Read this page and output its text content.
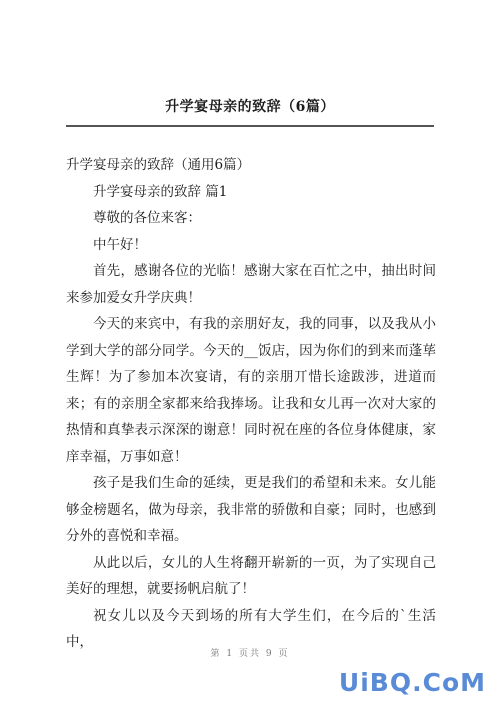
升学宴母亲的致辞（6篇）

升学宴母亲的致辞（通用6篇）

升学宴母亲的致辞 篇1

尊敬的各位来客：

中午好！

首先，感谢各位的光临！感谢大家在百忙之中，抽出时间来参加爱女升学庆典！

今天的来宾中，有我的亲朋好友，我的同事，以及我从小学到大学的部分同学。今天的__饭店，因为你们的到来而蓬荜生辉！为了参加本次宴请，有的亲朋丌惜长途跋涉，进道而来；有的亲朋全家都来给我捧场。让我和女儿再一次对大家的热情和真挚表示深深的谢意！同时祝在座的各位身体健康，家庠幸福，万事如意！

孩子是我们生命的延续，更是我们的希望和未来。女儿能够金榜题名，做为母亲，我非常的骄傲和自豪；同时，也感到分外的喜悦和幸福。

从此以后，女儿的人生将翻开崭新的一页，为了实现自己美好的理想，就要扬帆启航了！

祝女儿以及今天到场的所有大学生们，在今后的`生活中，

第 1 页共 9 页
UiBQ.CoM
